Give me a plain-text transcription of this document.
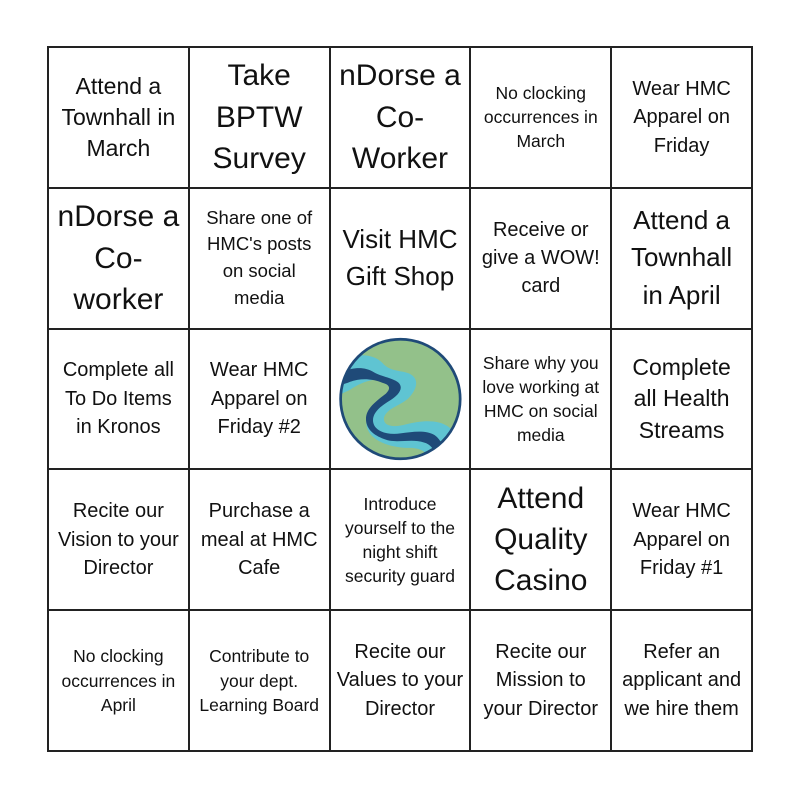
Attend a Townhall in March
Take BPTW Survey
nDorse a Co-Worker
No clocking occurrences in March
Wear HMC Apparel on Friday
nDorse a Co-worker
Share one of HMC's posts on social media
Visit HMC Gift Shop
Receive or give a WOW! card
Attend a Townhall in April
Complete all To Do Items in Kronos
Wear HMC Apparel on Friday #2
Share why you love working at HMC on social media
Complete all Health Streams
Recite our Vision to your Director
Purchase a meal at HMC Cafe
Introduce yourself to the night shift security guard
Attend Quality Casino
Wear HMC Apparel on Friday #1
No clocking occurrences in April
Contribute to your dept. Learning Board
Recite our Values to your Director
Recite our Mission to your Director
Refer an applicant and we hire them
